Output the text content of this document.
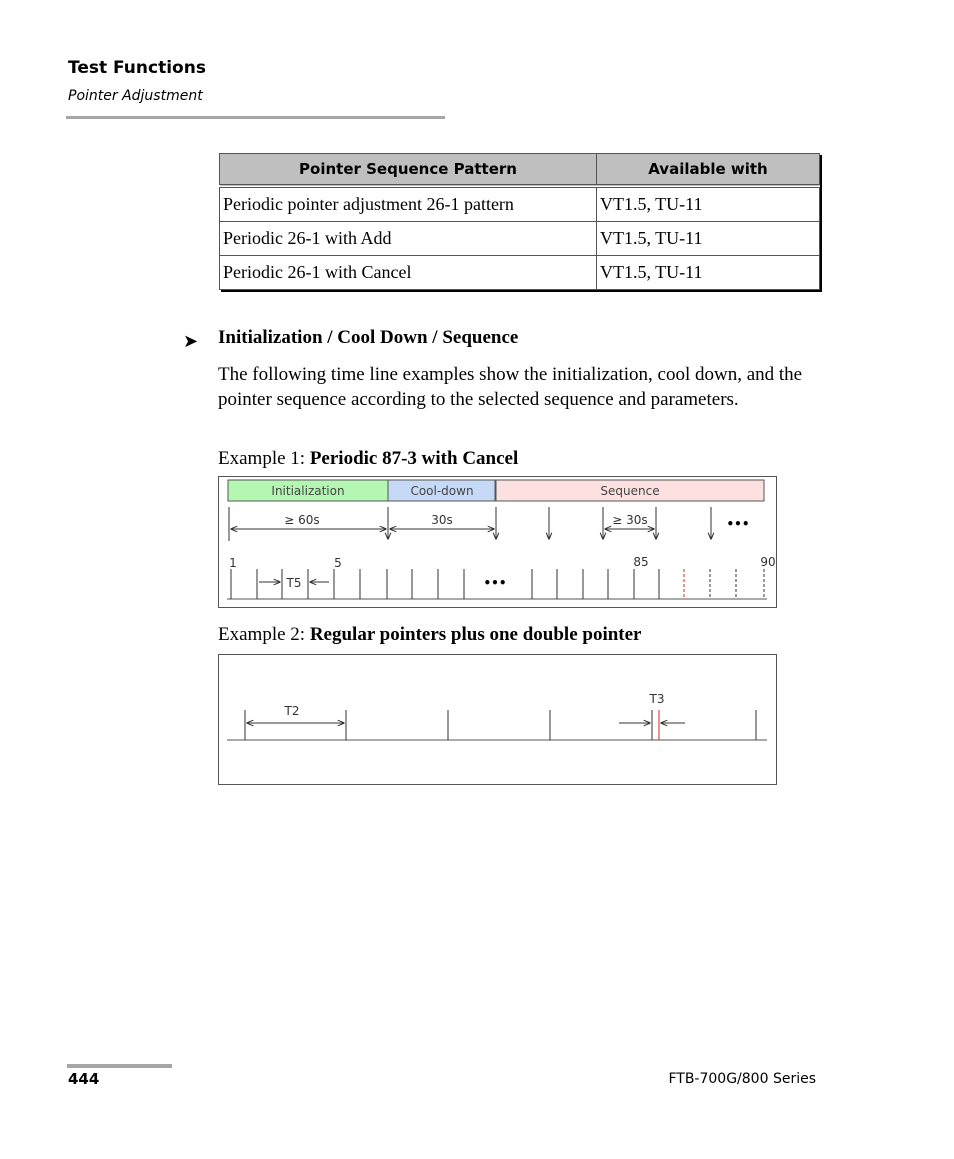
Test Functions
Pointer Adjustment
Pointer Sequence Pattern	Available with
Periodic pointer adjustment 26-1 pattern	VT1.5, TU-11
Periodic 26-1 with Add	VT1.5, TU-11
Periodic 26-1 with Cancel	VT1.5, TU-11
➤ Initialization / Cool Down / Sequence
The following time line examples show the initialization, cool down, and the pointer sequence according to the selected sequence and parameters.
Example 1: Periodic 87-3 with Cancel
Initialization	Cool-down	Sequence
≥ 60s	30s	≥ 30s	•••
T5
1	5	85	90
•••
Example 2: Regular pointers plus one double pointer
T2
T3
444	FTB-700G/800 Series
